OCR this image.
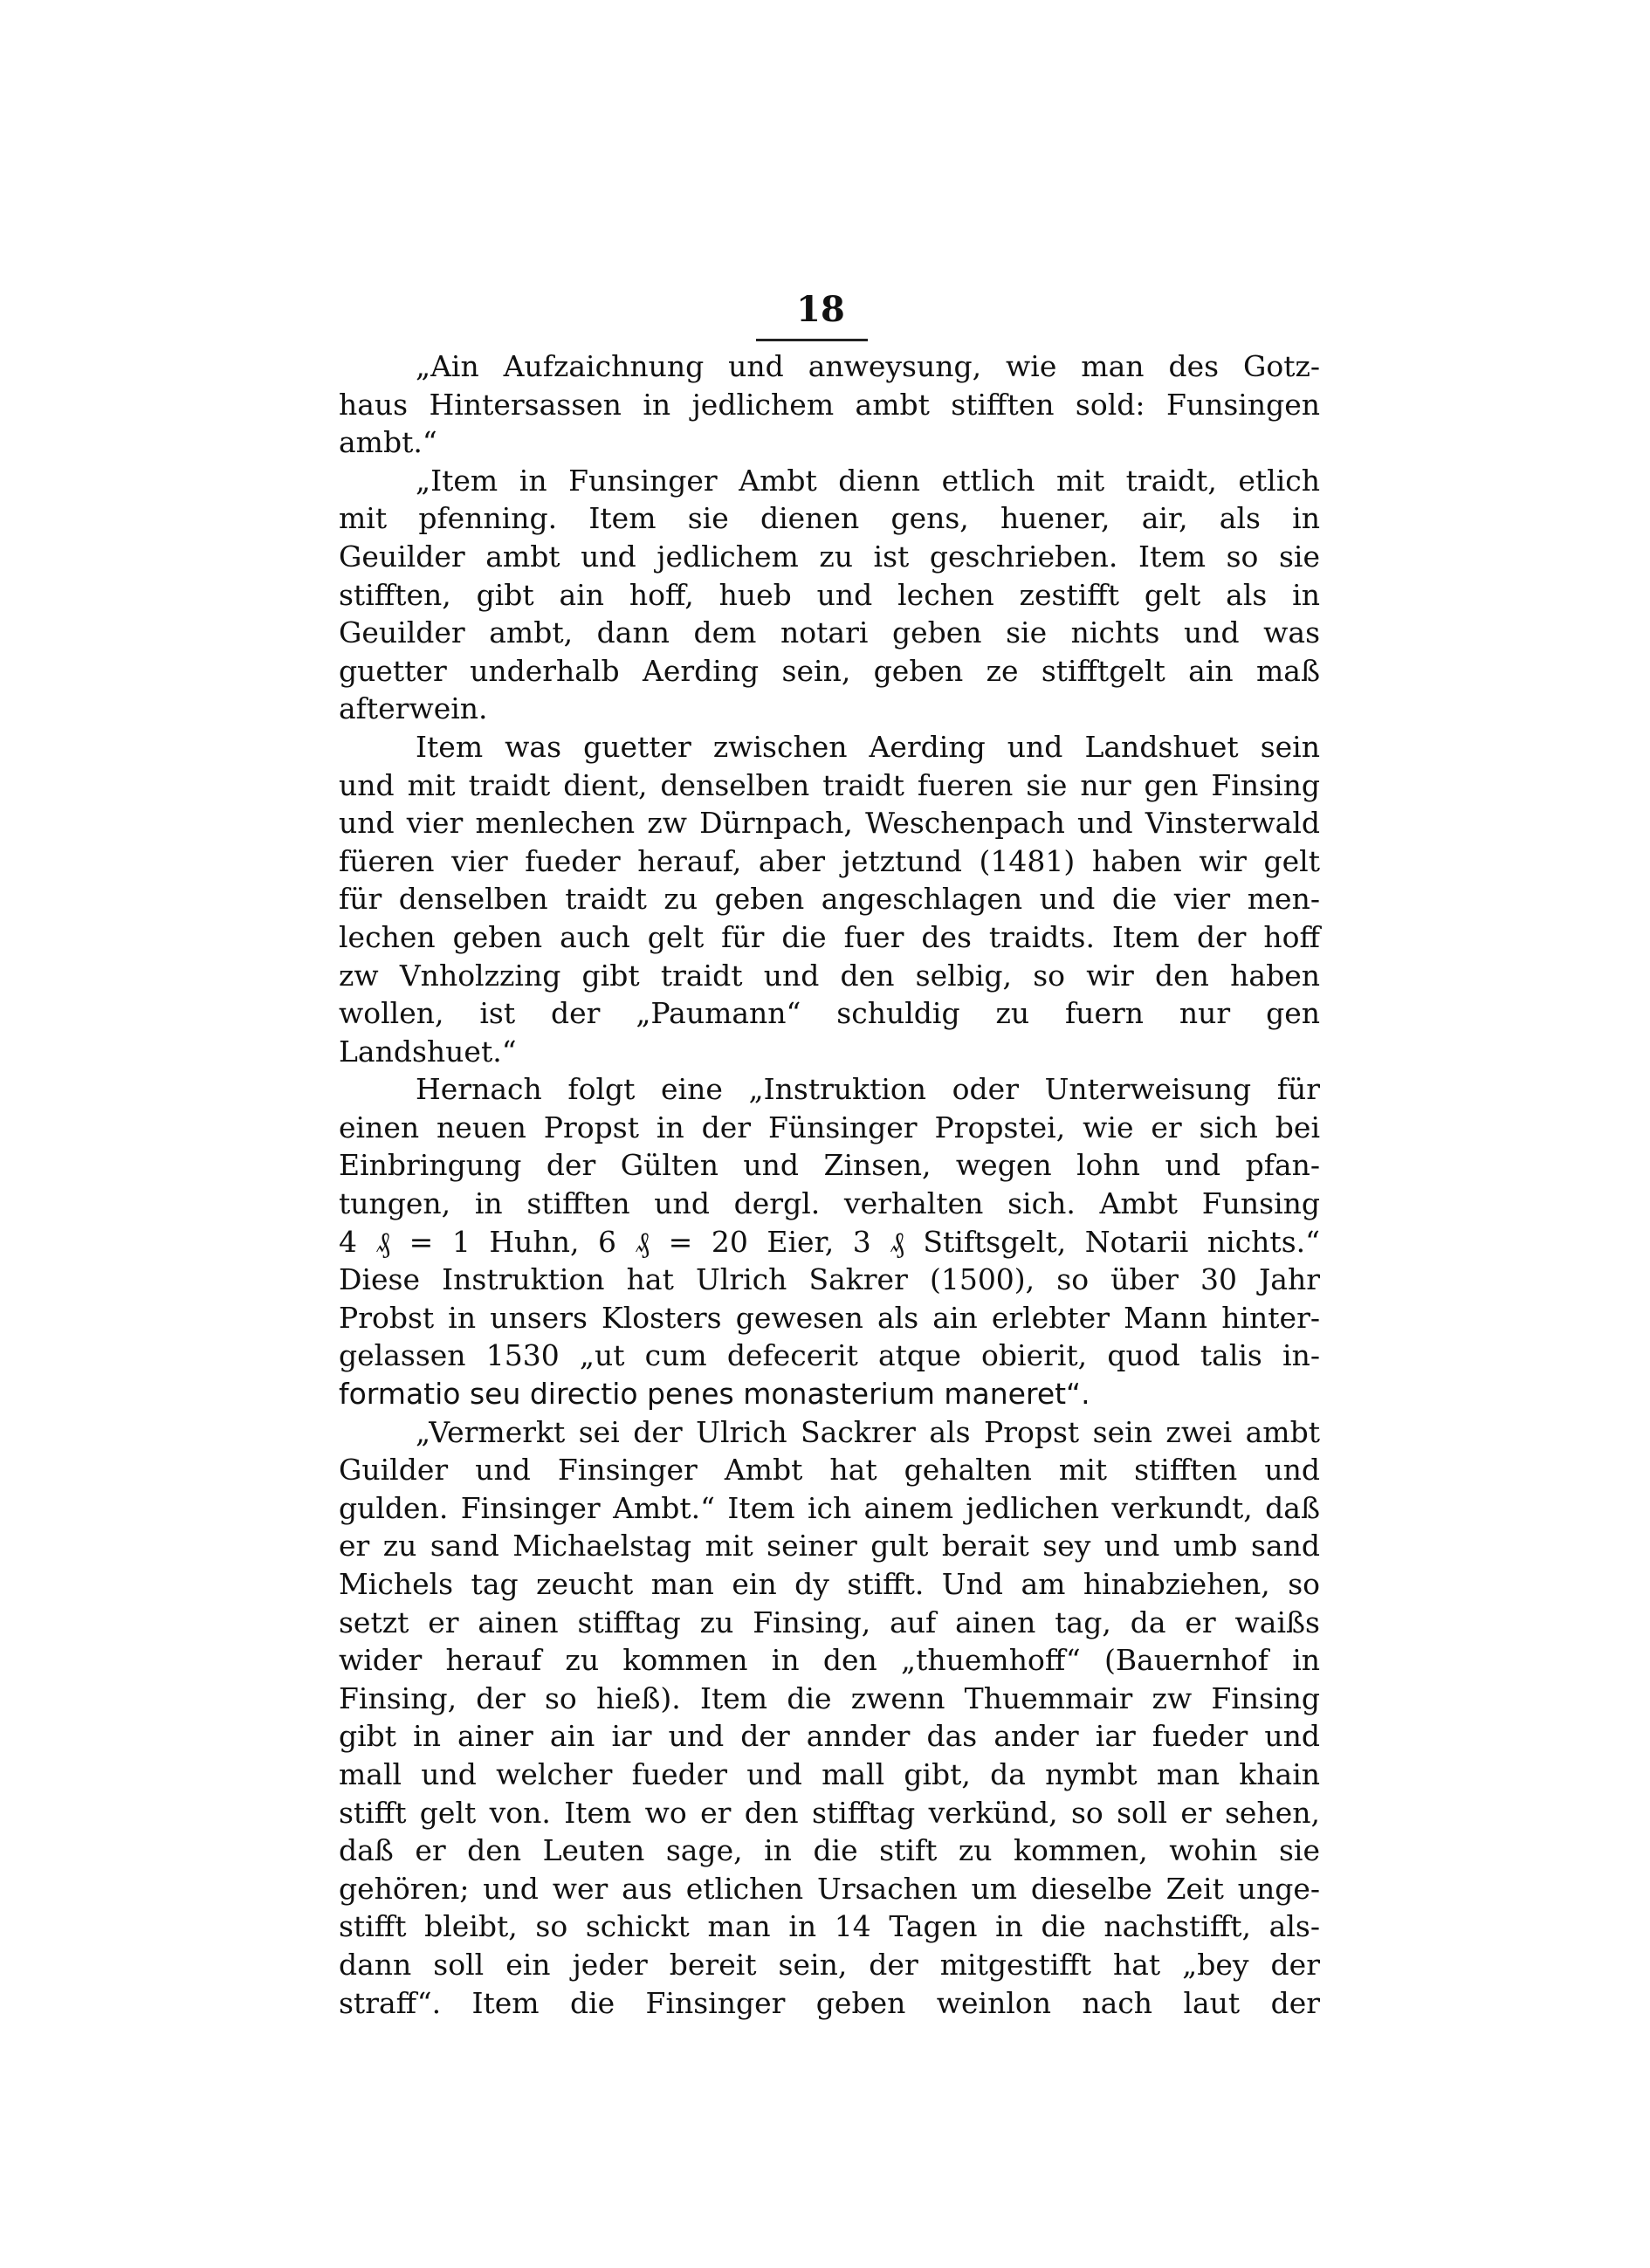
18
„Ain Aufzaichnung und anweysung, wie man des Gotz-
haus Hintersassen in jedlichem ambt stifften sold: Funsingen
ambt.“
„Item in Funsinger Ambt dienn ettlich mit traidt, etlich
mit pfenning. Item sie dienen gens, huener, air, als in
Geuilder ambt und jedlichem zu ist geschrieben. Item so sie
stifften, gibt ain hoff, hueb und lechen zestifft gelt als in
Geuilder ambt, dann dem notari geben sie nichts und was
guetter underhalb Aerding sein, geben ze stifftgelt ain maß
afterwein.
Item was guetter zwischen Aerding und Landshuet sein
und mit traidt dient, denselben traidt fueren sie nur gen Finsing
und vier menlechen zw Dürnpach, Weschenpach und Vinsterwald
füeren vier fueder herauf, aber jetztund (1481) haben wir gelt
für denselben traidt zu geben angeschlagen und die vier men-
lechen geben auch gelt für die fuer des traidts. Item der hoff
zw Vnholzzing gibt traidt und den selbig, so wir den haben
wollen, ist der „Paumann“ schuldig zu fuern nur gen
Landshuet.“
Hernach folgt eine „Instruktion oder Unterweisung für
einen neuen Propst in der Fünsinger Propstei, wie er sich bei
Einbringung der Gülten und Zinsen, wegen lohn und pfan-
tungen, in stifften und dergl. verhalten sich. Ambt Funsing
4 ₰ = 1 Huhn, 6 ₰ = 20 Eier, 3 ₰ Stiftsgelt, Notarii nichts.“
Diese Instruktion hat Ulrich Sakrer (1500), so über 30 Jahr
Probst in unsers Klosters gewesen als ain erlebter Mann hinter-
gelassen 1530 „ut cum defecerit atque obierit, quod talis in-
formatio seu directio penes monasterium maneret“.
„Vermerkt sei der Ulrich Sackrer als Propst sein zwei ambt
Guilder und Finsinger Ambt hat gehalten mit stifften und
gulden. Finsinger Ambt.“ Item ich ainem jedlichen verkundt, daß
er zu sand Michaelstag mit seiner gult berait sey und umb sand
Michels tag zeucht man ein dy stifft. Und am hinabziehen, so
setzt er ainen stifftag zu Finsing, auf ainen tag, da er waißs
wider herauf zu kommen in den „thuemhoff“ (Bauernhof in
Finsing, der so hieß). Item die zwenn Thuemmair zw Finsing
gibt in ainer ain iar und der annder das ander iar fueder und
mall und welcher fueder und mall gibt, da nymbt man khain
stifft gelt von. Item wo er den stifftag verkünd, so soll er sehen,
daß er den Leuten sage, in die stift zu kommen, wohin sie
gehören; und wer aus etlichen Ursachen um dieselbe Zeit unge-
stifft bleibt, so schickt man in 14 Tagen in die nachstifft, als-
dann soll ein jeder bereit sein, der mitgestifft hat „bey der
straff“. Item die Finsinger geben weinlon nach laut der
